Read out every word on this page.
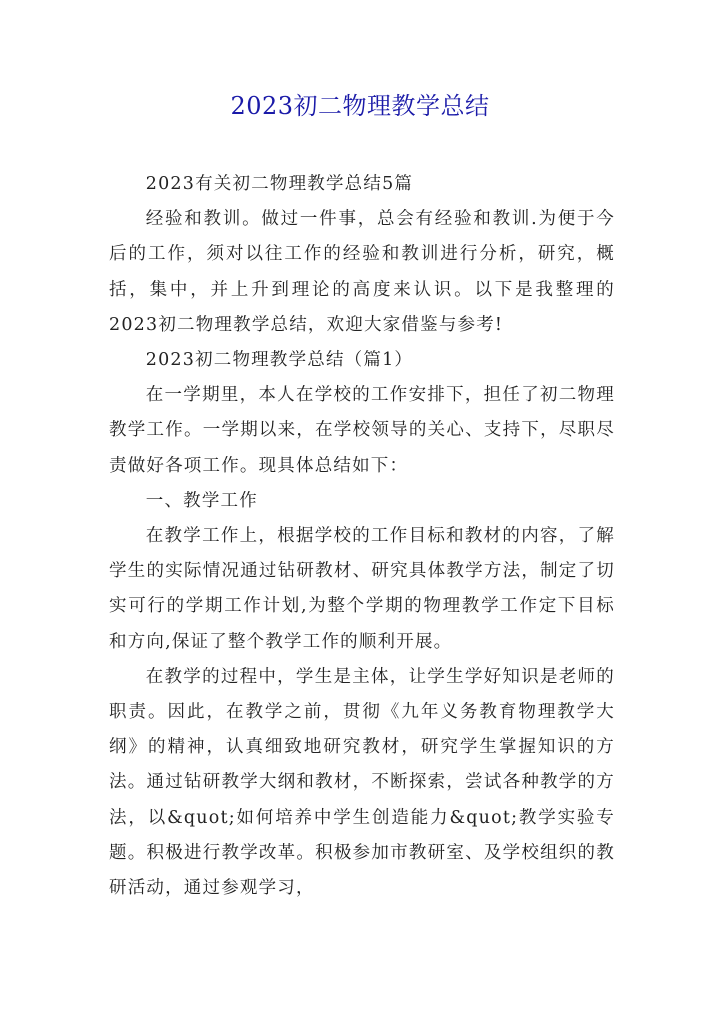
2023初二物理教学总结

2023有关初二物理教学总结5篇

经验和教训。做过一件事，总会有经验和教训.为便于今后的工作，须对以往工作的经验和教训进行分析，研究，概括，集中，并上升到理论的高度来认识。以下是我整理的2023初二物理教学总结，欢迎大家借鉴与参考!

2023初二物理教学总结（篇1）

在一学期里，本人在学校的工作安排下，担任了初二物理教学工作。一学期以来，在学校领导的关心、支持下，尽职尽责做好各项工作。现具体总结如下：

一、教学工作

在教学工作上，根据学校的工作目标和教材的内容，了解学生的实际情况通过钻研教材、研究具体教学方法，制定了切实可行的学期工作计划,为整个学期的物理教学工作定下目标和方向,保证了整个教学工作的顺利开展。

在教学的过程中，学生是主体，让学生学好知识是老师的职责。因此，在教学之前，贯彻《九年义务教育物理教学大纲》的精神，认真细致地研究教材，研究学生掌握知识的方法。通过钻研教学大纲和教材，不断探索，尝试各种教学的方法，以&quot;如何培养中学生创造能力&quot;教学实验专题。积极进行教学改革。积极参加市教研室、及学校组织的教研活动，通过参观学习，
